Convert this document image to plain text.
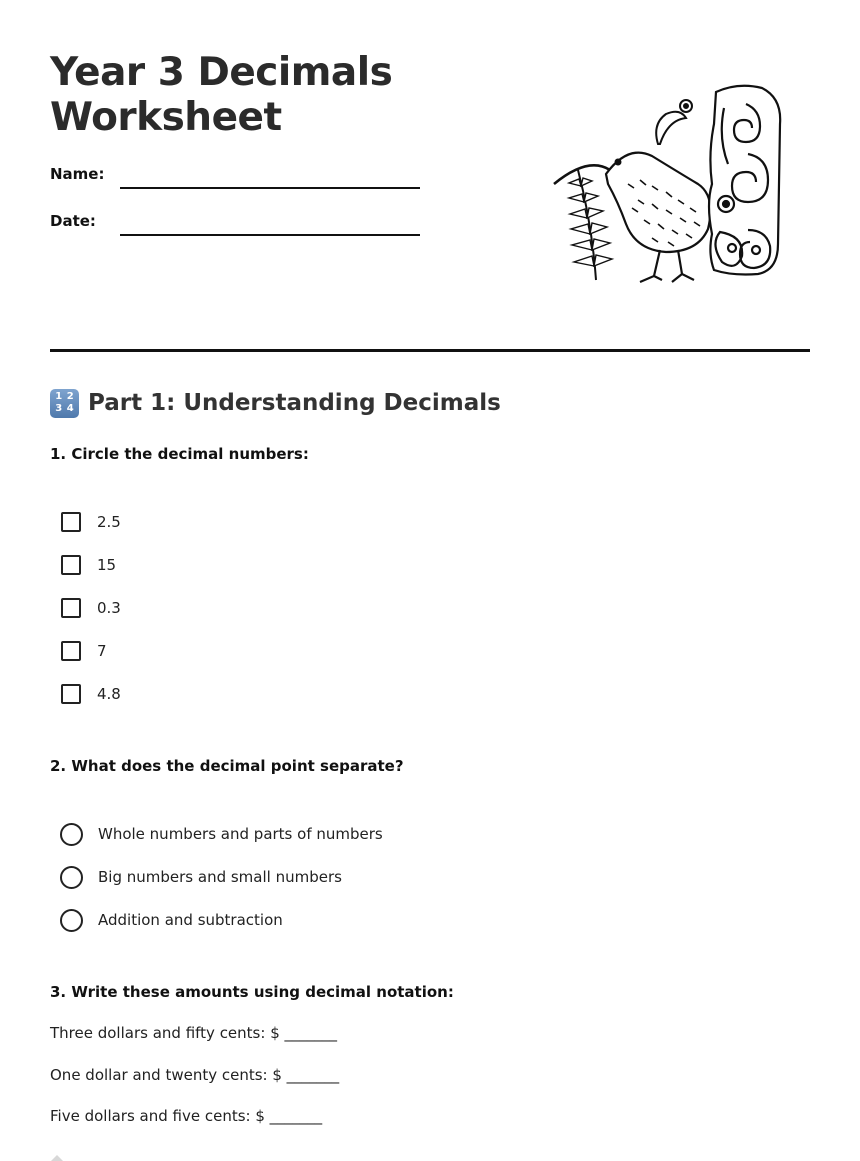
Year 3 Decimals
Worksheet
Name:
Date:
1 2
3 4 Part 1: Understanding Decimals
1. Circle the decimal numbers:
2.5
15
0.3
7
4.8
2. What does the decimal point separate?
Whole numbers and parts of numbers
Big numbers and small numbers
Addition and subtraction
3. Write these amounts using decimal notation:
Three dollars and fifty cents: $ _______
One dollar and twenty cents: $ _______
Five dollars and five cents: $ _______
